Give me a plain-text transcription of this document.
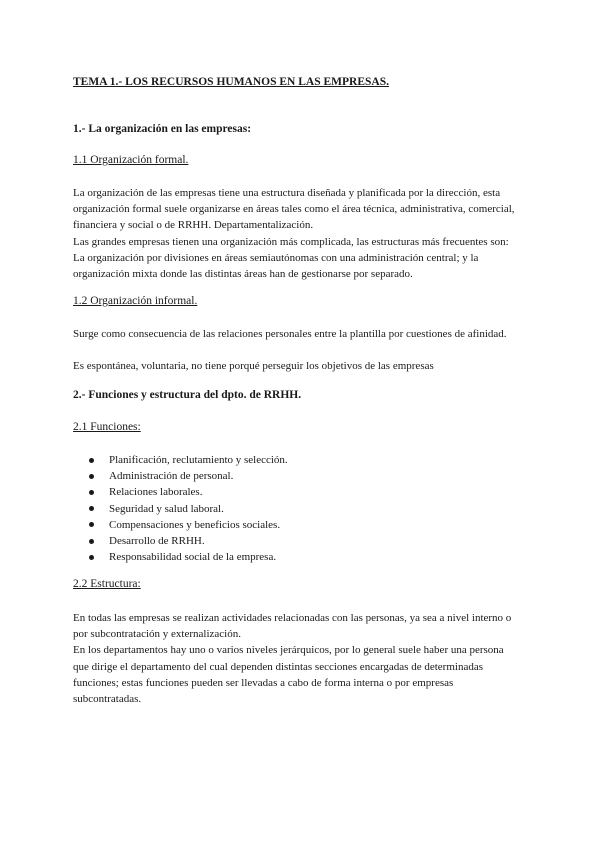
TEMA 1.- LOS RECURSOS HUMANOS EN LAS EMPRESAS.
1.- La organización en las empresas:
1.1 Organización formal.
La organización de las empresas tiene una estructura diseñada y planificada por la dirección, esta
organización formal suele organizarse en áreas tales como el área técnica, administrativa, comercial,
financiera y social o de RRHH. Departamentalización.
Las grandes empresas tienen una organización más complicada, las estructuras más frecuentes son:
La organización por divisiones en áreas semiautónomas con una administración central; y la
organización mixta donde las distintas áreas han de gestionarse por separado.
1.2 Organización informal.
Surge como consecuencia de las relaciones personales entre la plantilla por cuestiones de afinidad.
Es espontánea, voluntaria, no tiene porqué perseguir los objetivos de las empresas
2.- Funciones y estructura del dpto. de RRHH.
2.1 Funciones:
Planificación, reclutamiento y selección.
Administración de personal.
Relaciones laborales.
Seguridad y salud laboral.
Compensaciones y beneficios sociales.
Desarrollo de RRHH.
Responsabilidad social de la empresa.
2.2 Estructura:
En todas las empresas se realizan actividades relacionadas con las personas, ya sea a nivel interno o
por subcontratación y externalización.
En los departamentos hay uno o varios niveles jerárquicos, por lo general suele haber una persona
que dirige el departamento del cual dependen distintas secciones encargadas de determinadas
funciones; estas funciones pueden ser llevadas a cabo de forma interna o por empresas
subcontratadas.
